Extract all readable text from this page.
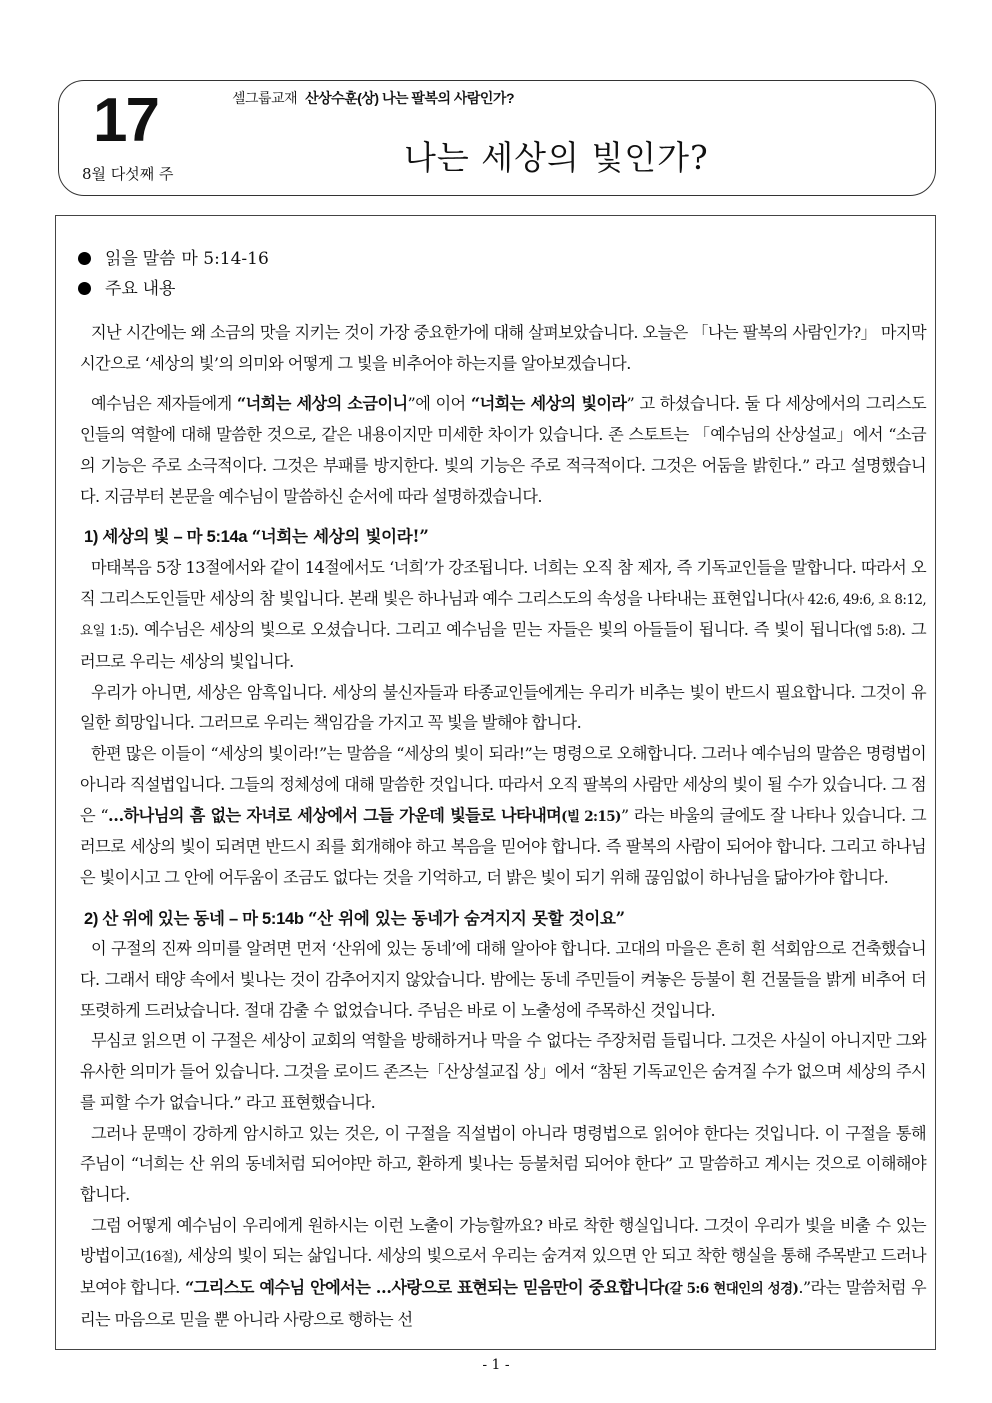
17
8월 다섯째 주
셀그룹교재 산상수훈(상) 나는 팔복의 사람인가?
나는 세상의 빛인가?
읽을 말씀 마 5:14-16
주요 내용

지난 시간에는 왜 소금의 맛을 지키는 것이 가장 중요한가에 대해 살펴보았습니다. 오늘은 「나는 팔복의 사람인가?」 마지막 시간으로 ‘세상의 빛’의 의미와 어떻게 그 빛을 비추어야 하는지를 알아보겠습니다.

예수님은 제자들에게 “너희는 세상의 소금이니”에 이어 “너희는 세상의 빛이라” 고 하셨습니다. 둘 다 세상에서의 그리스도인들의 역할에 대해 말씀한 것으로, 같은 내용이지만 미세한 차이가 있습니다. 존 스토트는 「예수님의 산상설교」에서 “소금의 기능은 주로 소극적이다. 그것은 부패를 방지한다. 빛의 기능은 주로 적극적이다. 그것은 어둠을 밝힌다.” 라고 설명했습니다. 지금부터 본문을 예수님이 말씀하신 순서에 따라 설명하겠습니다.

1) 세상의 빛 – 마 5:14a “너희는 세상의 빛이라!”

마태복음 5장 13절에서와 같이 14절에서도 ‘너희’가 강조됩니다. 너희는 오직 참 제자, 즉 기독교인들을 말합니다. 따라서 오직 그리스도인들만 세상의 참 빛입니다. 본래 빛은 하나님과 예수 그리스도의 속성을 나타내는 표현입니다(사 42:6, 49:6, 요 8:12, 요일 1:5). 예수님은 세상의 빛으로 오셨습니다. 그리고 예수님을 믿는 자들은 빛의 아들들이 됩니다. 즉 빛이 됩니다(엡 5:8). 그러므로 우리는 세상의 빛입니다.

우리가 아니면, 세상은 암흑입니다. 세상의 불신자들과 타종교인들에게는 우리가 비추는 빛이 반드시 필요합니다. 그것이 유일한 희망입니다. 그러므로 우리는 책임감을 가지고 꼭 빛을 발해야 합니다.

한편 많은 이들이 “세상의 빛이라!”는 말씀을 “세상의 빛이 되라!”는 명령으로 오해합니다. 그러나 예수님의 말씀은 명령법이 아니라 직설법입니다. 그들의 정체성에 대해 말씀한 것입니다. 따라서 오직 팔복의 사람만 세상의 빛이 될 수가 있습니다. 그 점은 “…하나님의 흠 없는 자녀로 세상에서 그들 가운데 빛들로 나타내며(빌 2:15)” 라는 바울의 글에도 잘 나타나 있습니다. 그러므로 세상의 빛이 되려면 반드시 죄를 회개해야 하고 복음을 믿어야 합니다. 즉 팔복의 사람이 되어야 합니다. 그리고 하나님은 빛이시고 그 안에 어두움이 조금도 없다는 것을 기억하고, 더 밝은 빛이 되기 위해 끊임없이 하나님을 닮아가야 합니다.

2) 산 위에 있는 동네 – 마 5:14b “산 위에 있는 동네가 숨겨지지 못할 것이요”

이 구절의 진짜 의미를 알려면 먼저 ‘산위에 있는 동네’에 대해 알아야 합니다. 고대의 마을은 흔히 흰 석회암으로 건축했습니다. 그래서 태양 속에서 빛나는 것이 감추어지지 않았습니다. 밤에는 동네 주민들이 켜놓은 등불이 흰 건물들을 밝게 비추어 더 또렷하게 드러났습니다. 절대 감출 수 없었습니다. 주님은 바로 이 노출성에 주목하신 것입니다.

무심코 읽으면 이 구절은 세상이 교회의 역할을 방해하거나 막을 수 없다는 주장처럼 들립니다. 그것은 사실이 아니지만 그와 유사한 의미가 들어 있습니다. 그것을 로이드 존즈는「산상설교집 상」에서 “참된 기독교인은 숨겨질 수가 없으며 세상의 주시를 피할 수가 없습니다.” 라고 표현했습니다.

그러나 문맥이 강하게 암시하고 있는 것은, 이 구절을 직설법이 아니라 명령법으로 읽어야 한다는 것입니다. 이 구절을 통해 주님이 “너희는 산 위의 동네처럼 되어야만 하고, 환하게 빛나는 등불처럼 되어야 한다” 고 말씀하고 계시는 것으로 이해해야 합니다.

그럼 어떻게 예수님이 우리에게 원하시는 이런 노출이 가능할까요? 바로 착한 행실입니다. 그것이 우리가 빛을 비출 수 있는 방법이고(16절), 세상의 빛이 되는 삶입니다. 세상의 빛으로서 우리는 숨겨져 있으면 안 되고 착한 행실을 통해 주목받고 드러나 보여야 합니다. “그리스도 예수님 안에서는 …사랑으로 표현되는 믿음만이 중요합니다(갈 5:6 현대인의 성경).”라는 말씀처럼 우리는 마음으로 믿을 뿐 아니라 사랑으로 행하는 선

- 1 -
